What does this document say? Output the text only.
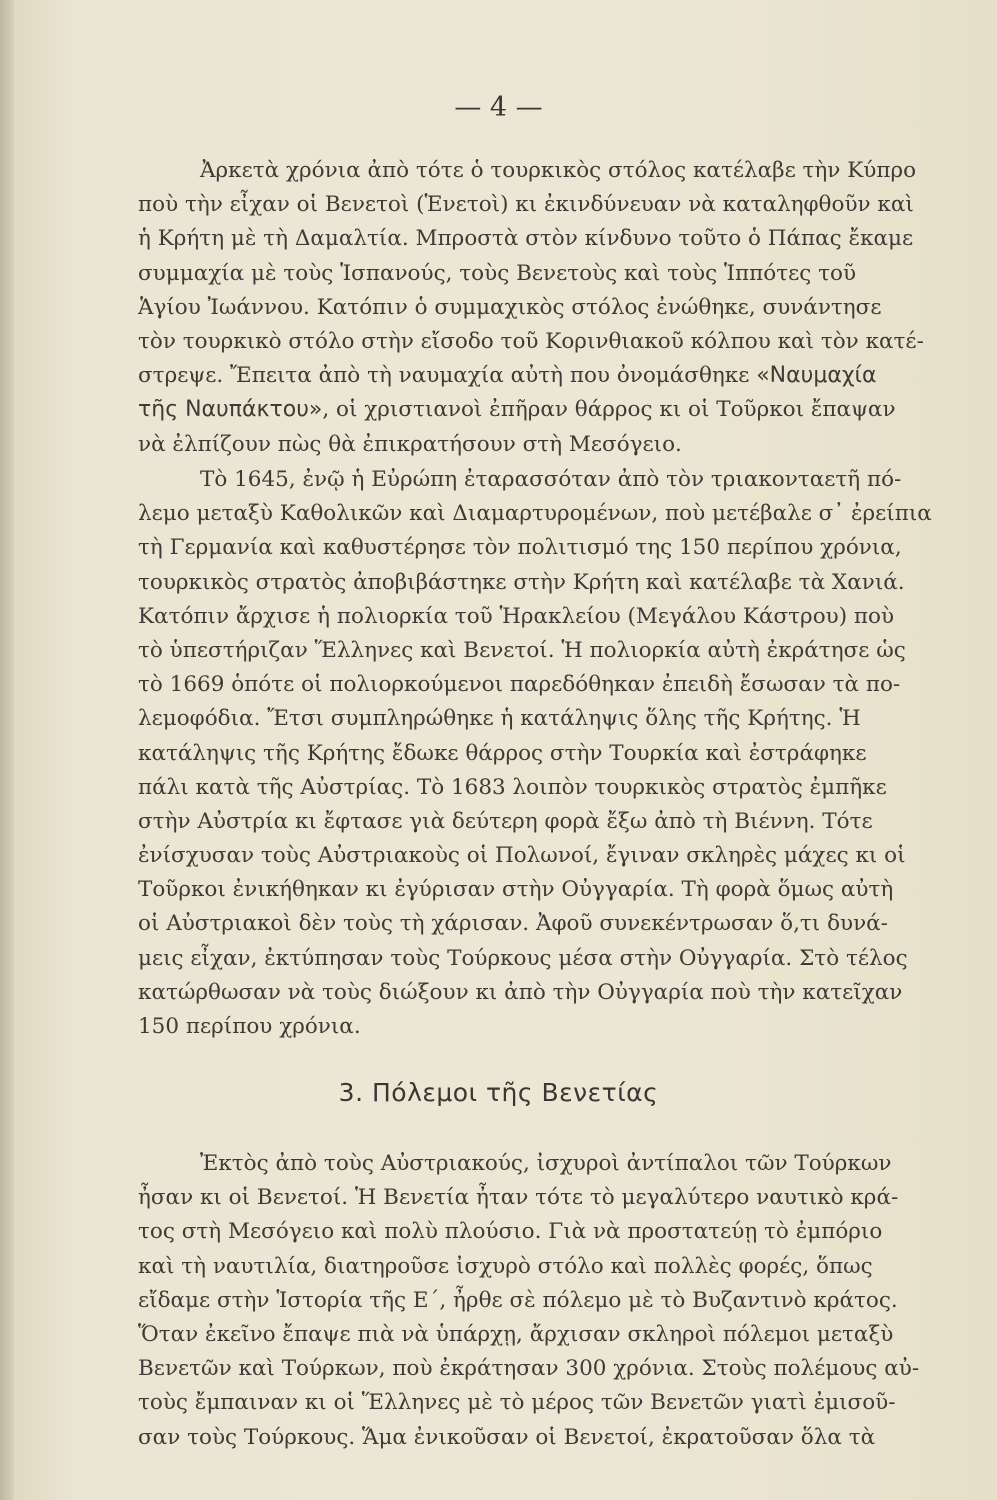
— 4 —
Ἀρκετὰ χρόνια ἀπὸ τότε ὁ τουρκικὸς στόλος κατέλαβε τὴν Κύπρο
ποὺ τὴν εἶχαν οἱ Βενετοὶ (Ἑνετοὶ) κι ἐκινδύνευαν νὰ καταληφθοῦν καὶ
ἡ Κρήτη μὲ τὴ Δαμαλτία. Μπροστὰ στὸν κίνδυνο τοῦτο ὁ Πάπας ἔκαμε
συμμαχία μὲ τοὺς Ἱσπανούς, τοὺς Βενετοὺς καὶ τοὺς Ἱππότες τοῦ
Ἁγίου Ἰωάννου. Κατόπιν ὁ συμμαχικὸς στόλος ἐνώθηκε, συνάντησε
τὸν τουρκικὸ στόλο στὴν εἴσοδο τοῦ Κορινθιακοῦ κόλπου καὶ τὸν κατέ-
στρεψε. Ἔπειτα ἀπὸ τὴ ναυμαχία αὐτὴ που ὀνομάσθηκε «Ναυμαχία
τῆς Ναυπάκτου», οἱ χριστιανοὶ ἐπῆραν θάρρος κι οἱ Τοῦρκοι ἔπαψαν
νὰ ἐλπίζουν πὼς θὰ ἐπικρατήσουν στὴ Μεσόγειο.
Τὸ 1645, ἐνῷ ἡ Εὐρώπη ἐταρασσόταν ἀπὸ τὸν τριακονταετῆ πό-
λεμο μεταξὺ Καθολικῶν καὶ Διαμαρτυρομένων, ποὺ μετέβαλε σ᾽ ἐρείπια
τὴ Γερμανία καὶ καθυστέρησε τὸν πολιτισμό της 150 περίπου χρόνια,
τουρκικὸς στρατὸς ἀποβιβάστηκε στὴν Κρήτη καὶ κατέλαβε τὰ Χανιά.
Κατόπιν ἄρχισε ἡ πολιορκία τοῦ Ἡρακλείου (Μεγάλου Κάστρου) ποὺ
τὸ ὑπεστήριζαν Ἕλληνες καὶ Βενετοί. Ἡ πολιορκία αὐτὴ ἐκράτησε ὡς
τὸ 1669 ὁπότε οἱ πολιορκούμενοι παρεδόθηκαν ἐπειδὴ ἔσωσαν τὰ πο-
λεμοφόδια. Ἔτσι συμπληρώθηκε ἡ κατάληψις ὅλης τῆς Κρήτης. Ἡ
κατάληψις τῆς Κρήτης ἔδωκε θάρρος στὴν Τουρκία καὶ ἐστράφηκε
πάλι κατὰ τῆς Αὐστρίας. Τὸ 1683 λοιπὸν τουρκικὸς στρατὸς ἐμπῆκε
στὴν Αὐστρία κι ἔφτασε γιὰ δεύτερη φορὰ ἔξω ἀπὸ τὴ Βιέννη. Τότε
ἐνίσχυσαν τοὺς Αὐστριακοὺς οἱ Πολωνοί, ἔγιναν σκληρὲς μάχες κι οἱ
Τοῦρκοι ἐνικήθηκαν κι ἐγύρισαν στὴν Οὐγγαρία. Τὴ φορὰ ὅμως αὐτὴ
οἱ Αὐστριακοὶ δὲν τοὺς τὴ χάρισαν. Ἀφοῦ συνεκέντρωσαν ὅ,τι δυνά-
μεις εἶχαν, ἐκτύπησαν τοὺς Τούρκους μέσα στὴν Οὐγγαρία. Στὸ τέλος
κατώρθωσαν νὰ τοὺς διώξουν κι ἀπὸ τὴν Οὐγγαρία ποὺ τὴν κατεῖχαν
150 περίπου χρόνια.
3. Πόλεμοι τῆς Βενετίας
Ἐκτὸς ἀπὸ τοὺς Αὐστριακούς, ἰσχυροὶ ἀντίπαλοι τῶν Τούρκων
ἦσαν κι οἱ Βενετοί. Ἡ Βενετία ἦταν τότε τὸ μεγαλύτερο ναυτικὸ κρά-
τος στὴ Μεσόγειο καὶ πολὺ πλούσιο. Γιὰ νὰ προστατεύῃ τὸ ἐμπόριο
καὶ τὴ ναυτιλία, διατηροῦσε ἰσχυρὸ στόλο καὶ πολλὲς φορές, ὅπως
εἴδαμε στὴν Ἱστορία τῆς Ε΄, ἦρθε σὲ πόλεμο μὲ τὸ Βυζαντινὸ κράτος.
Ὅταν ἐκεῖνο ἔπαψε πιὰ νὰ ὑπάρχῃ, ἄρχισαν σκληροὶ πόλεμοι μεταξὺ
Βενετῶν καὶ Τούρκων, ποὺ ἐκράτησαν 300 χρόνια. Στοὺς πολέμους αὐ-
τοὺς ἔμπαιναν κι οἱ Ἕλληνες μὲ τὸ μέρος τῶν Βενετῶν γιατὶ ἐμισοῦ-
σαν τοὺς Τούρκους. Ἅμα ἐνικοῦσαν οἱ Βενετοί, ἐκρατοῦσαν ὅλα τὰ
